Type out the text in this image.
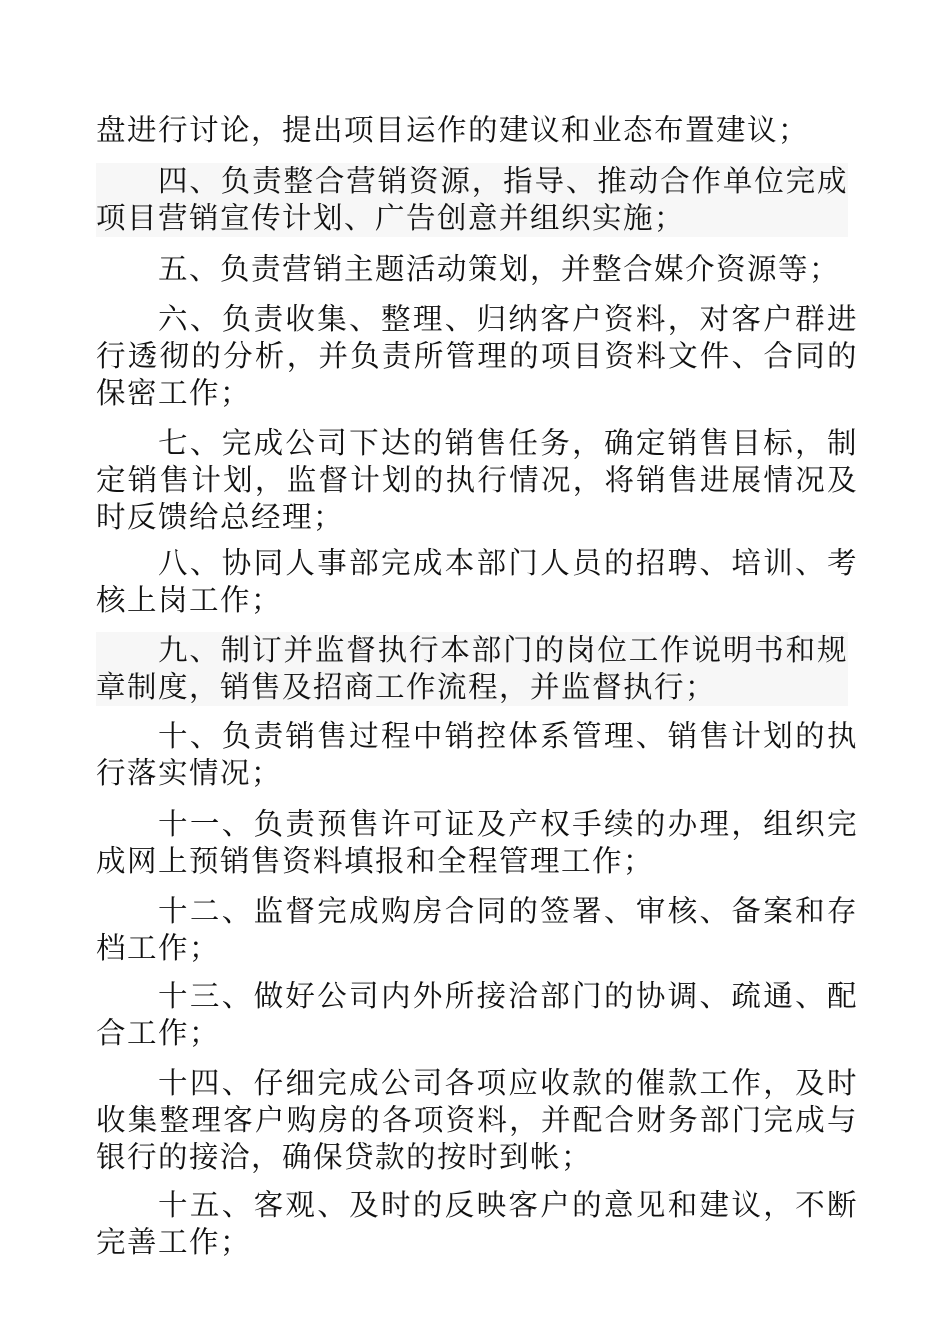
盘进行讨论，提出项目运作的建议和业态布置建议；

四、负责整合营销资源，指导、推动合作单位完成项目营销宣传计划、广告创意并组织实施；

五、负责营销主题活动策划，并整合媒介资源等；

六、负责收集、整理、归纳客户资料，对客户群进行透彻的分析，并负责所管理的项目资料文件、合同的保密工作；

七、完成公司下达的销售任务，确定销售目标，制定销售计划，监督计划的执行情况，将销售进展情况及时反馈给总经理；

八、协同人事部完成本部门人员的招聘、培训、考核上岗工作；

九、制订并监督执行本部门的岗位工作说明书和规章制度，销售及招商工作流程，并监督执行；

十、负责销售过程中销控体系管理、销售计划的执行落实情况；

十一、负责预售许可证及产权手续的办理，组织完成网上预销售资料填报和全程管理工作；

十二、监督完成购房合同的签署、审核、备案和存档工作；

十三、做好公司内外所接洽部门的协调、疏通、配合工作；

十四、仔细完成公司各项应收款的催款工作，及时收集整理客户购房的各项资料，并配合财务部门完成与银行的接洽，确保贷款的按时到帐；

十五、客观、及时的反映客户的意见和建议，不断完善工作；
